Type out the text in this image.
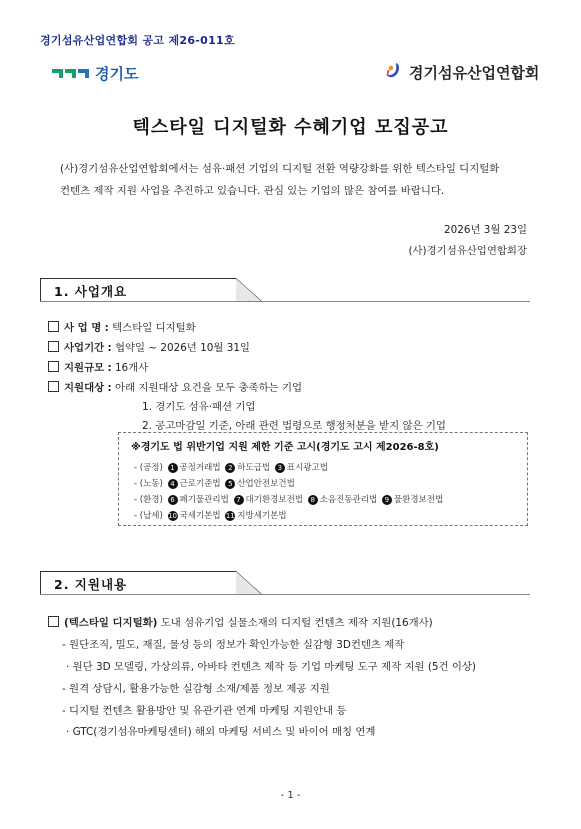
경기섬유산업연합회 공고 제26-011호
경기도	경기섬유산업연합회
텍스타일 디지털화 수혜기업 모집공고
(사)경기섬유산업연합회에서는 섬유·패션 기업의 디지털 전환 역량강화를 위한 텍스타일 디지털화
컨텐츠 제작 지원 사업을 추진하고 있습니다. 관심 있는 기업의 많은 참여를 바랍니다.
2026년 3월 23일
(사)경기섬유산업연합회장
1. 사업개요
사 업 명 : 텍스타일 디지털화
사업기간 : 협약일 ~ 2026년 10월 31일
지원규모 : 16개사
지원대상 : 아래 지원대상 요건을 모두 충족하는 기업
1. 경기도 섬유·패션 기업
2. 공고마감일 기준, 아래 관련 법령으로 행정처분을 받지 않은 기업
※경기도 법 위반기업 지원 제한 기준 고시(경기도 고시 제2026-8호)
- (공정) 1 공정거래법 2 하도급법 3 표시광고법
- (노동) 4 근로기준법 5 산업안전보건법
- (환경) 6 폐기물관리법 7 대기환경보전법 8 소음진동관리법 9 물환경보전법
- (납세) 10 국세기본법 11 지방세기본법
2. 지원내용
(텍스타일 디지털화) 도내 섬유기업 실물소재의 디지털 컨텐츠 제작 지원(16개사)
- 원단조직, 밀도, 재질, 물성 등의 정보가 확인가능한 실감형 3D컨텐츠 제작
· 원단 3D 모델링, 가상의류, 아바타 컨텐츠 제작 등 기업 마케팅 도구 제작 지원 (5건 이상)
- 원격 상담시, 활용가능한 실감형 소재/제품 정보 제공 지원
- 디지털 컨텐츠 활용방안 및 유관기관 연계 마케팅 지원안내 등
· GTC(경기섬유마케팅센터) 해외 마케팅 서비스 및 바이어 매칭 연계
- 1 -
